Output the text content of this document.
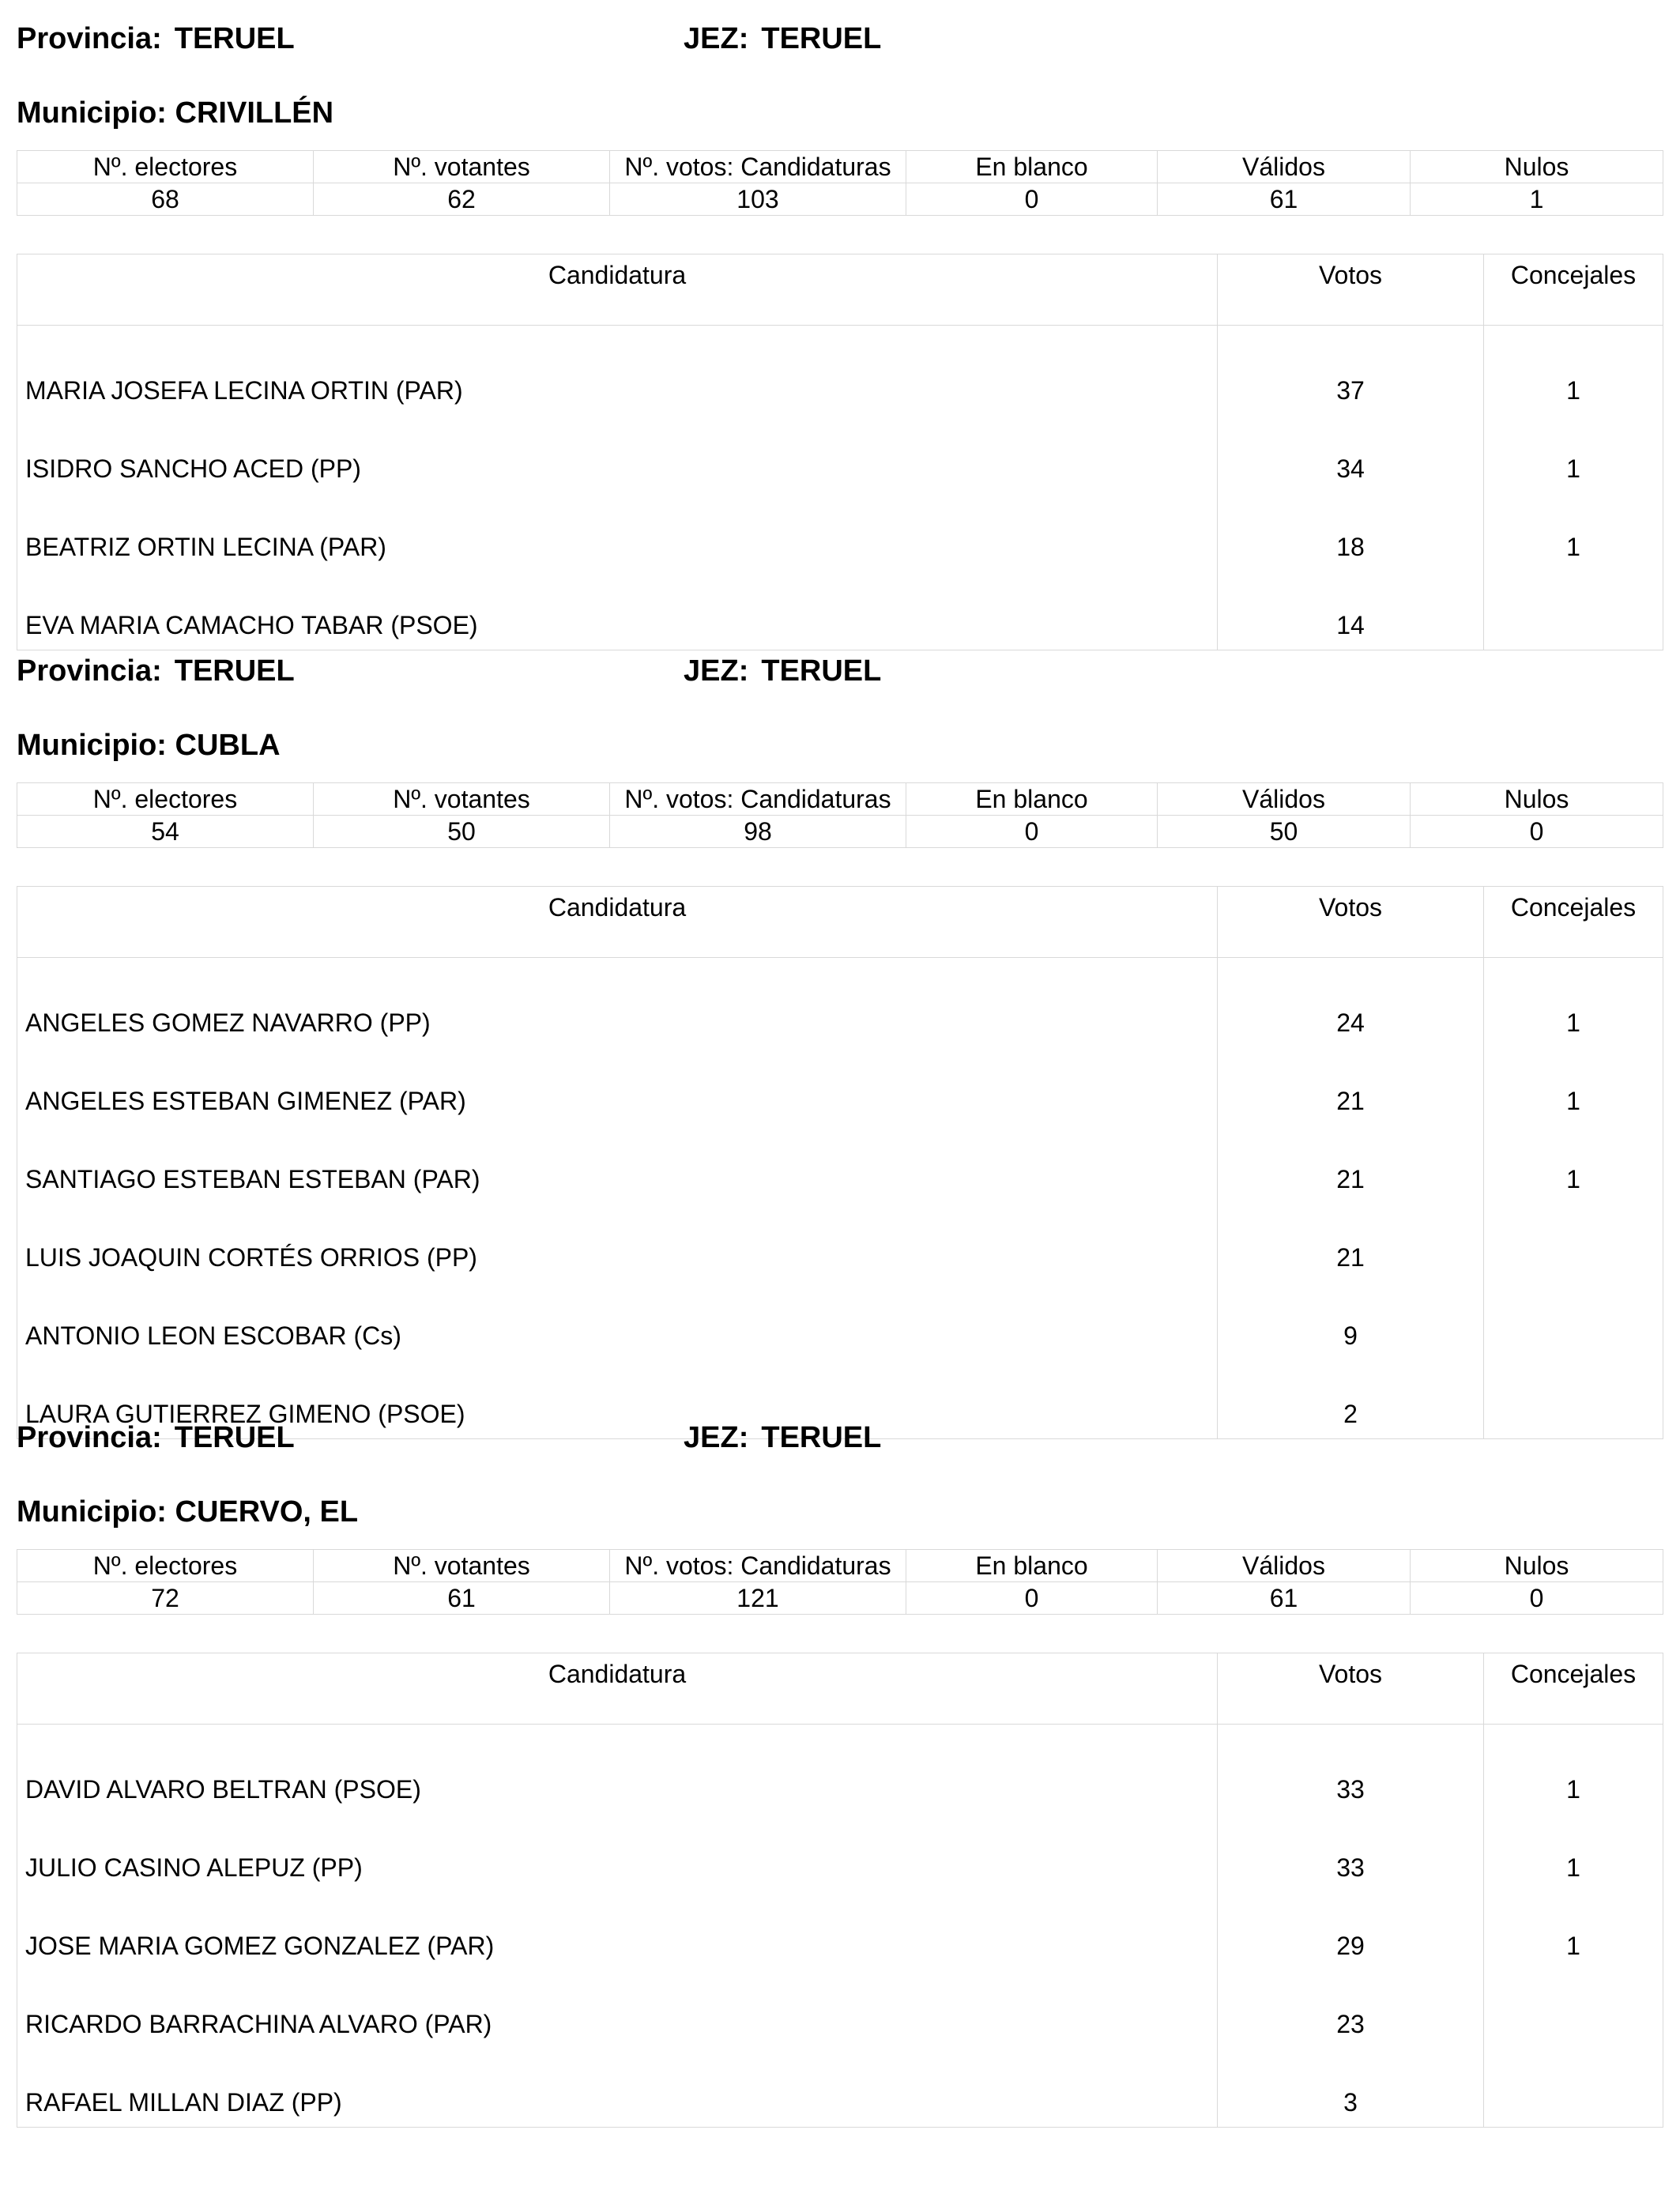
Provincia: TERUEL	JEZ: TERUEL
Municipio: CRIVILLÉN
Nº. electores	Nº. votantes	Nº. votos: Candidaturas	En blanco	Válidos	Nulos
68	62	103	0	61	1
Candidatura	Votos	Concejales
MARIA JOSEFA LECINA ORTIN (PAR)	37	1
ISIDRO SANCHO ACED (PP)	34	1
BEATRIZ ORTIN LECINA (PAR)	18	1
EVA MARIA CAMACHO TABAR (PSOE)	14	
Provincia: TERUEL	JEZ: TERUEL
Municipio: CUBLA
Nº. electores	Nº. votantes	Nº. votos: Candidaturas	En blanco	Válidos	Nulos
54	50	98	0	50	0
Candidatura	Votos	Concejales
ANGELES GOMEZ NAVARRO (PP)	24	1
ANGELES ESTEBAN GIMENEZ (PAR)	21	1
SANTIAGO ESTEBAN ESTEBAN (PAR)	21	1
LUIS JOAQUIN CORTÉS ORRIOS (PP)	21	
ANTONIO LEON ESCOBAR (Cs)	9	
LAURA GUTIERREZ GIMENO (PSOE)	2	
Provincia: TERUEL	JEZ: TERUEL
Municipio: CUERVO, EL
Nº. electores	Nº. votantes	Nº. votos: Candidaturas	En blanco	Válidos	Nulos
72	61	121	0	61	0
Candidatura	Votos	Concejales
DAVID ALVARO BELTRAN (PSOE)	33	1
JULIO CASINO ALEPUZ (PP)	33	1
JOSE MARIA GOMEZ GONZALEZ (PAR)	29	1
RICARDO BARRACHINA ALVARO (PAR)	23	
RAFAEL MILLAN DIAZ (PP)	3	
